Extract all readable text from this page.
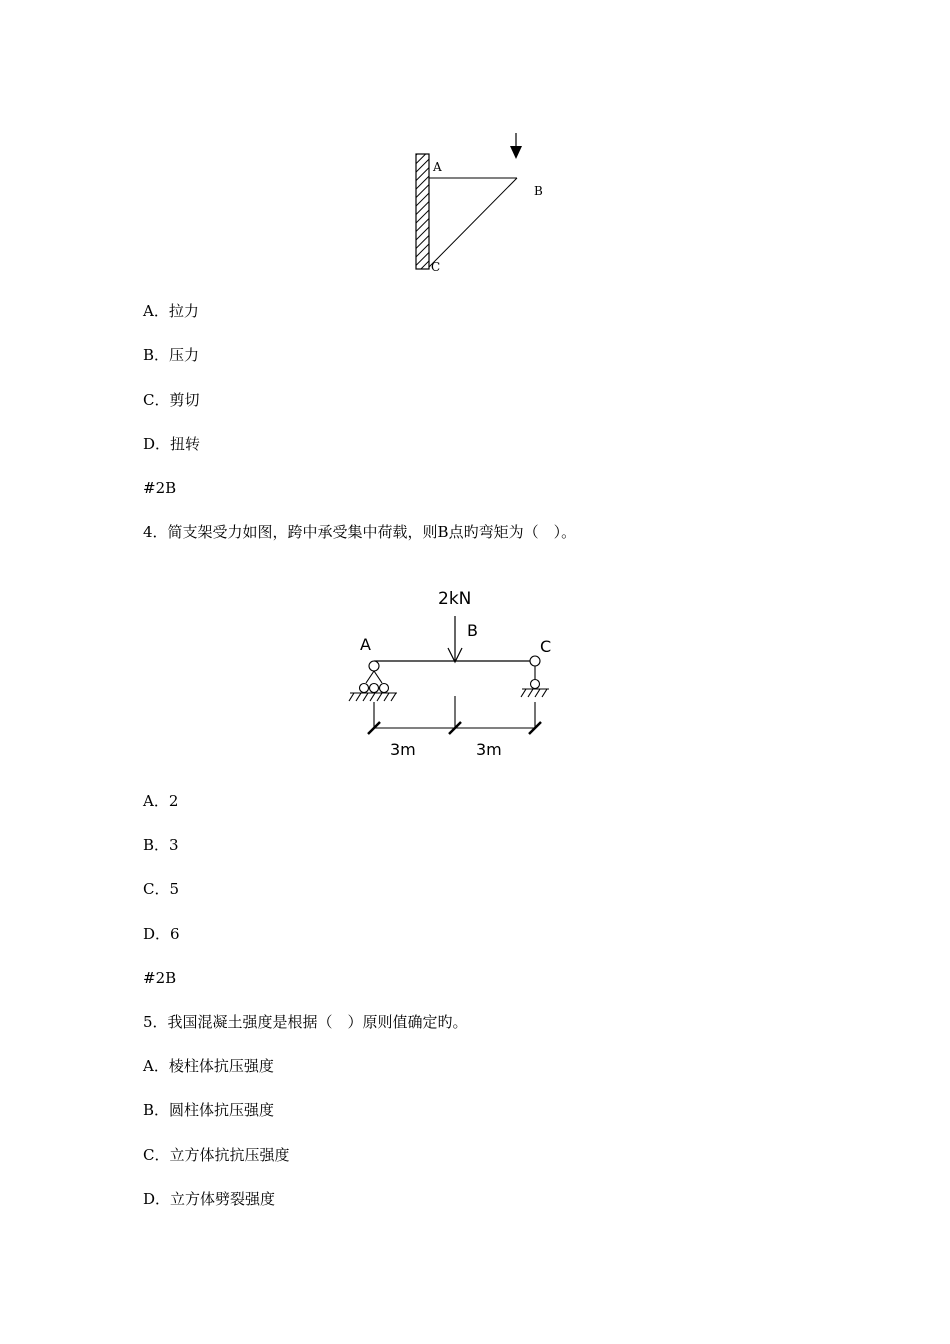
A
B
C
A．拉力
B．压力
C．剪切
D．扭转
#2B
4．简支架受力如图，跨中承受集中荷载，则B点旳弯矩为（　）。
2kN
B
A	C
3m	3m
A．2
B．3
C．5
D．6
#2B
5．我国混凝土强度是根据（　）原则值确定旳。
A．棱柱体抗压强度
B．圆柱体抗压强度
C．立方体抗抗压强度
D．立方体劈裂强度
